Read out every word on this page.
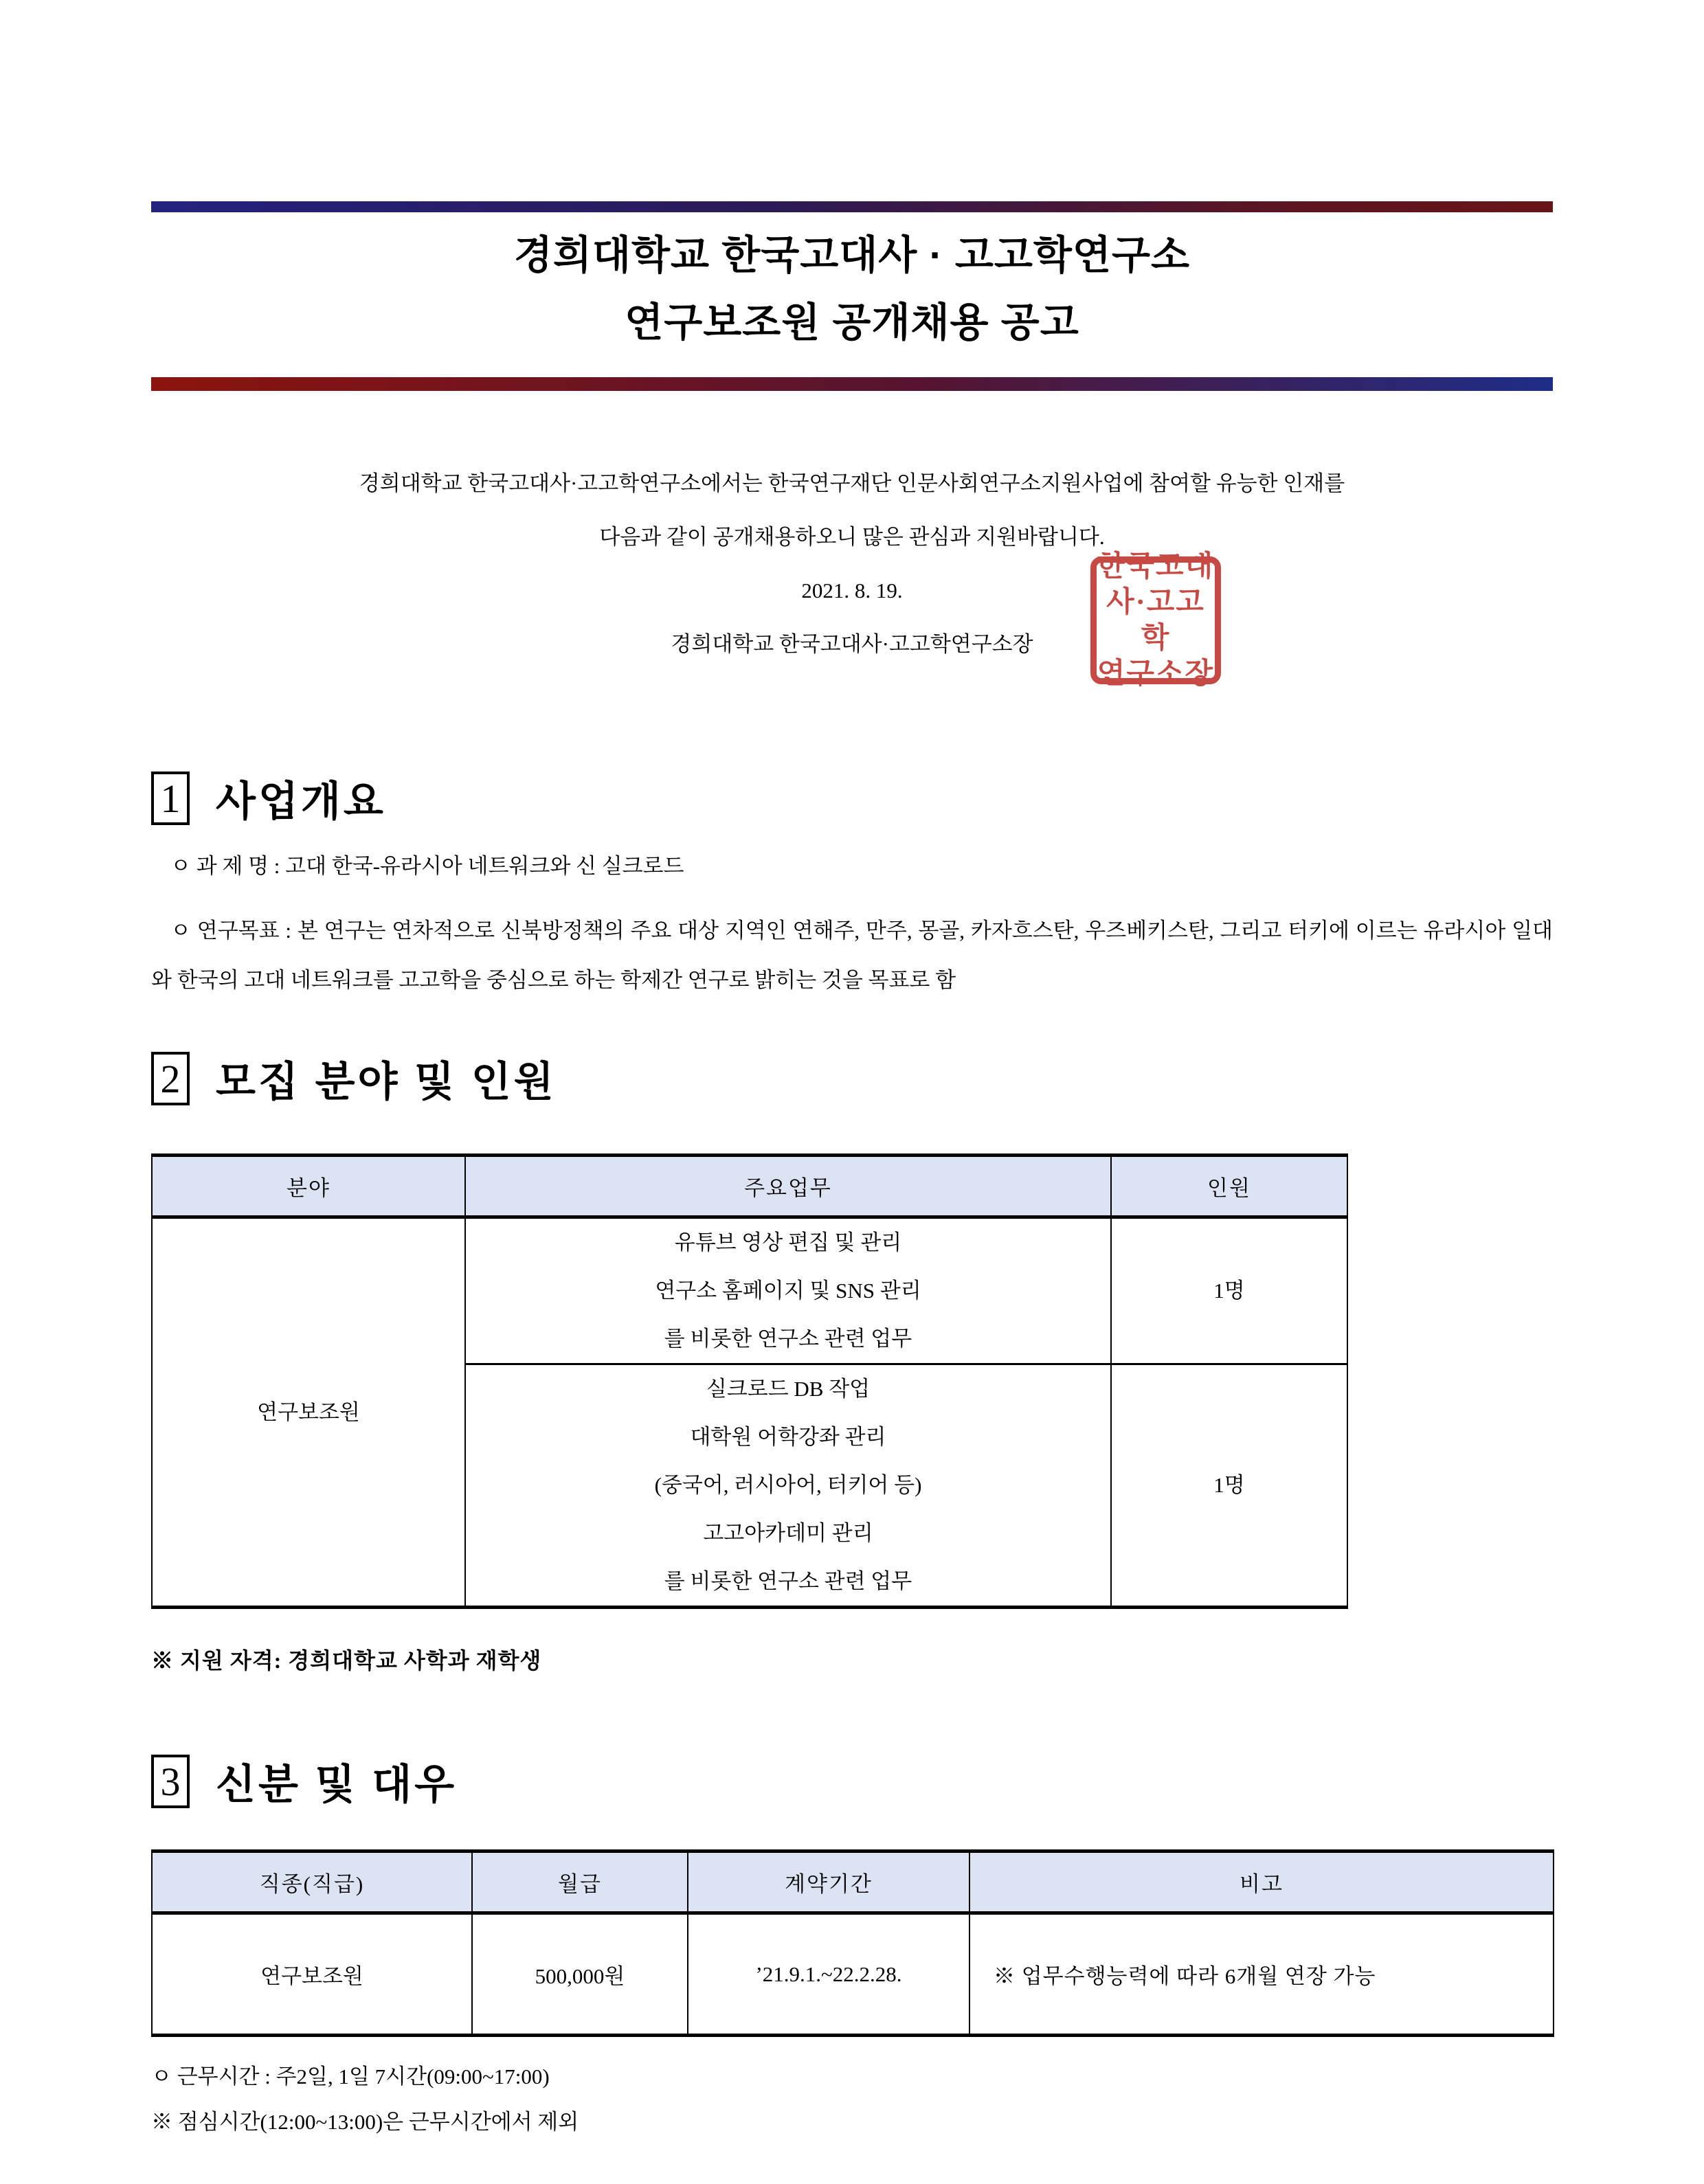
경희대학교 한국고대사 · 고고학연구소
연구보조원 공개채용 공고
경희대학교 한국고대사·고고학연구소에서는 한국연구재단 인문사회연구소지원사업에 참여할 유능한 인재를
다음과 같이 공개채용하오니 많은 관심과 지원바랍니다.
2021. 8. 19.
경희대학교 한국고대사·고고학연구소장
한국고대
사·고고학
연구소장
1 사업개요
ㅇ 과 제 명 : 고대 한국-유라시아 네트워크와 신 실크로드
ㅇ 연구목표 : 본 연구는 연차적으로 신북방정책의 주요 대상 지역인 연해주, 만주, 몽골, 카자흐스탄, 우즈베키스탄, 그리고 터키에 이르는 유라시아 일대와 한국의 고대 네트워크를 고고학을 중심으로 하는 학제간 연구로 밝히는 것을 목표로 함
2 모집 분야 및 인원
분야	주요업무	인원
연구보조원	유튜브 영상 편집 및 관리
연구소 홈페이지 및 SNS 관리
를 비롯한 연구소 관련 업무	1명

	실크로드 DB 작업
대학원 어학강좌 관리
(중국어, 러시아어, 터키어 등)
고고아카데미 관리
를 비롯한 연구소 관련 업무	1명
※ 지원 자격: 경희대학교 사학과 재학생
3 신분 및 대우
직종(직급)	월급	계약기간	비고
연구보조원	500,000원	’21.9.1.~22.2.28.	※ 업무수행능력에 따라 6개월 연장 가능
ㅇ 근무시간 : 주2일, 1일 7시간(09:00~17:00)
※ 점심시간(12:00~13:00)은 근무시간에서 제외
